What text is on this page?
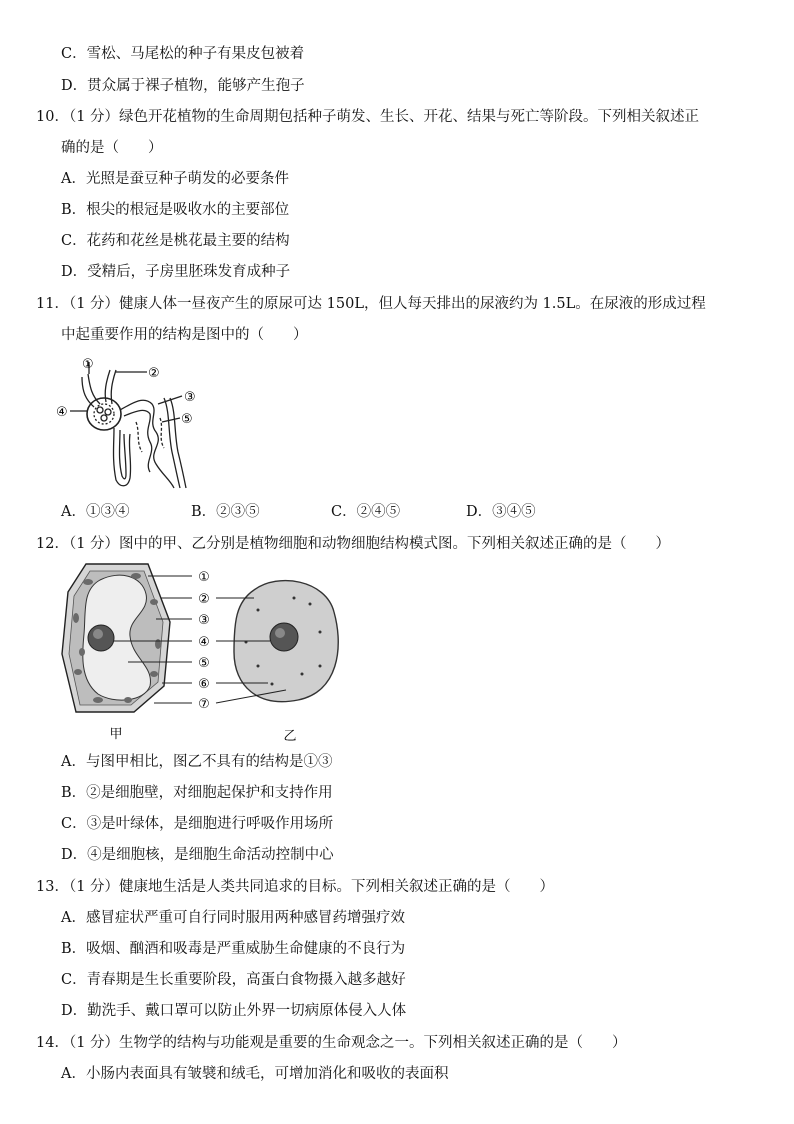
C．雪松、马尾松的种子有果皮包被着
D．贯众属于裸子植物，能够产生孢子
10．（1 分）绿色开花植物的生命周期包括种子萌发、生长、开花、结果与死亡等阶段。下列相关叙述正
确的是（　　）
A．光照是蚕豆种子萌发的必要条件
B．根尖的根冠是吸收水的主要部位
C．花药和花丝是桃花最主要的结构
D．受精后，子房里胚珠发育成种子
11．（1 分）健康人体一昼夜产生的原尿可达 150L，但人每天排出的尿液约为 1.5L。在尿液的形成过程
中起重要作用的结构是图中的（　　）
①
②
③
④	⑤
A．①③④	B．②③⑤	C．②④⑤	D．③④⑤
12．（1 分）图中的甲、乙分别是植物细胞和动物细胞结构模式图。下列相关叙述正确的是（　　）
①
②
③
④
⑤
⑥
⑦
甲	乙
A．与图甲相比，图乙不具有的结构是①③
B．②是细胞壁，对细胞起保护和支持作用
C．③是叶绿体，是细胞进行呼吸作用场所
D．④是细胞核，是细胞生命活动控制中心
13．（1 分）健康地生活是人类共同追求的目标。下列相关叙述正确的是（　　）
A．感冒症状严重可自行同时服用两种感冒药增强疗效
B．吸烟、酗酒和吸毒是严重威胁生命健康的不良行为
C．青春期是生长重要阶段，高蛋白食物摄入越多越好
D．勤洗手、戴口罩可以防止外界一切病原体侵入人体
14．（1 分）生物学的结构与功能观是重要的生命观念之一。下列相关叙述正确的是（　　）
A．小肠内表面具有皱襞和绒毛，可增加消化和吸收的表面积
